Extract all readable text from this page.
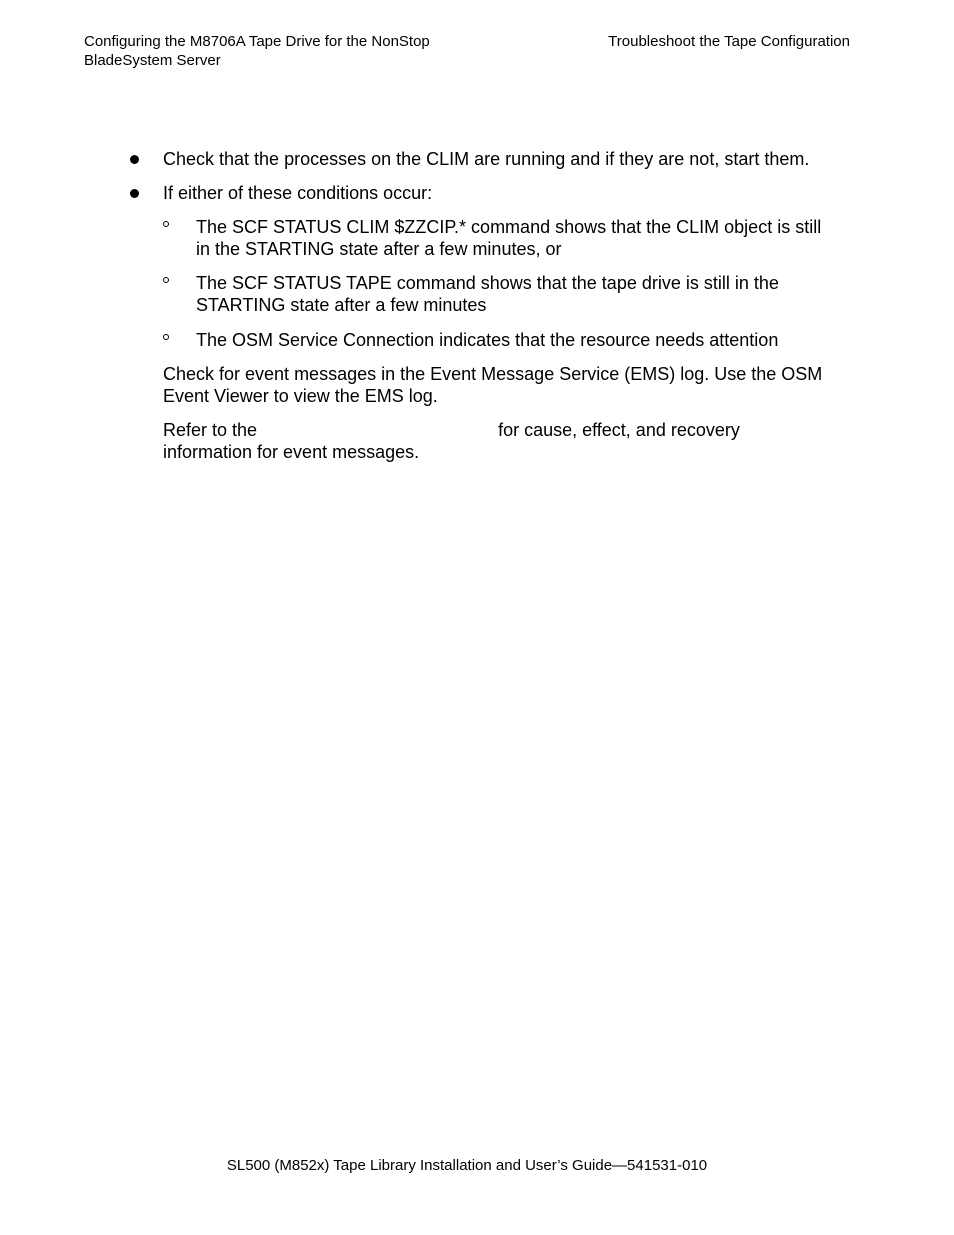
Configuring the M8706A Tape Drive for the NonStop
BladeSystem Server
Troubleshoot the Tape Configuration
Check that the processes on the CLIM are running and if they are not, start them.
If either of these conditions occur:
The SCF STATUS CLIM $ZZCIP.* command shows that the CLIM object is still
in the STARTING state after a few minutes, or
The SCF STATUS TAPE command shows that the tape drive is still in the
STARTING state after a few minutes
The OSM Service Connection indicates that the resource needs attention
Check for event messages in the Event Message Service (EMS) log. Use the OSM
Event Viewer to view the EMS log.
Refer to the	for cause, effect, and recovery
information for event messages.
SL500 (M852x) Tape Library Installation and User’s Guide—541531-010
